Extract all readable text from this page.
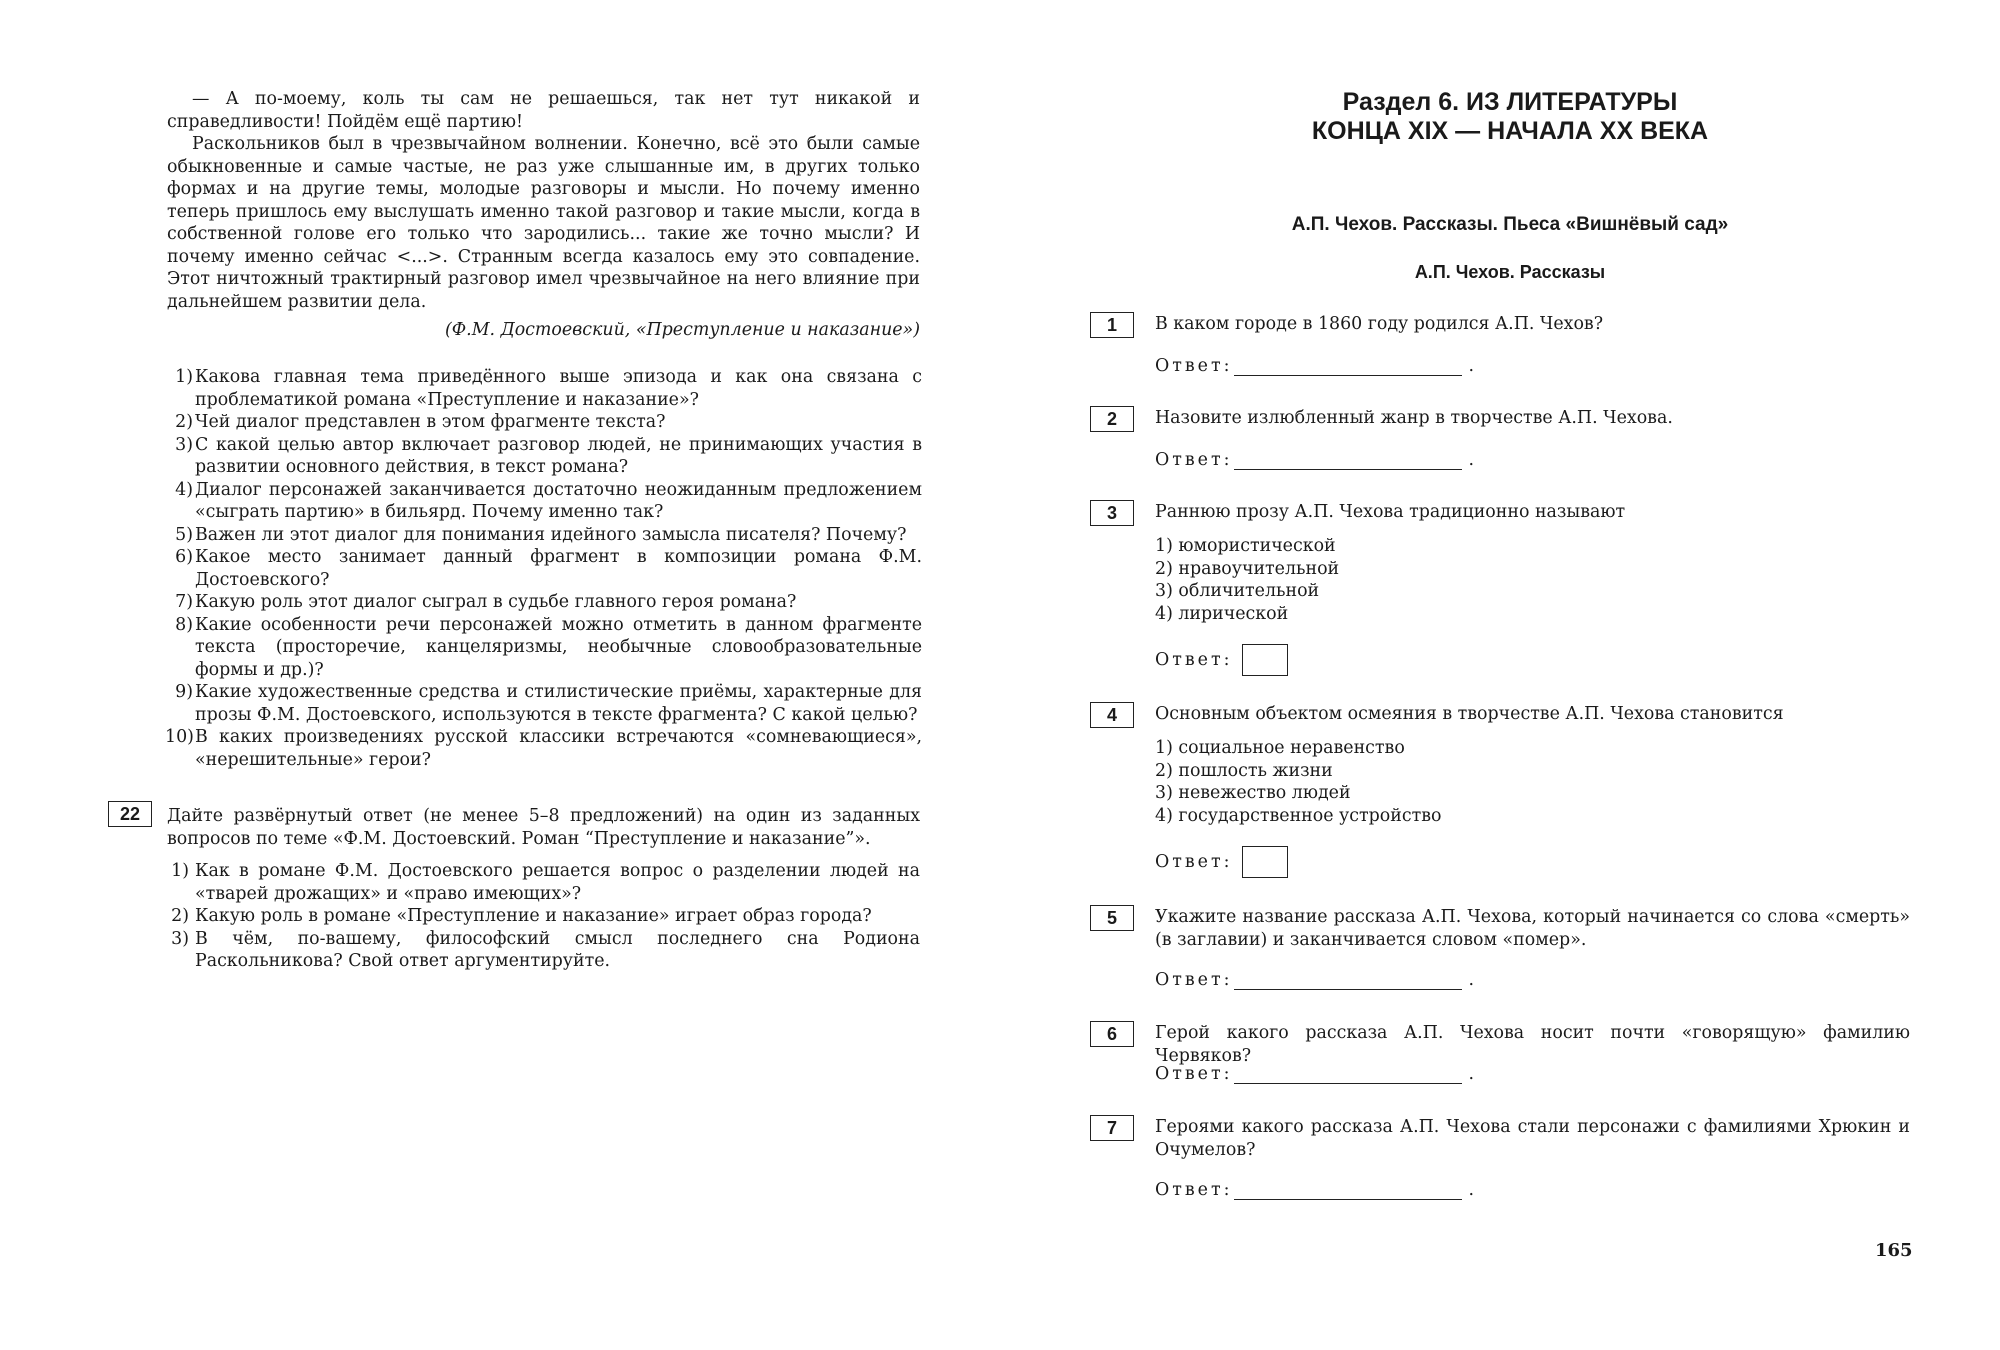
— А по-моему, коль ты сам не решаешься, так нет тут никакой и справедливости! Пойдём ещё партию!

Раскольников был в чрезвычайном волнении. Конечно, всё это были самые обыкновенные и самые частые, не раз уже слышанные им, в других только формах и на другие темы, молодые разговоры и мысли. Но почему именно теперь пришлось ему выслушать именно такой разговор и такие мысли, когда в собственной голове его только что зародились... такие же точно мысли? И почему именно сейчас <...>. Странным всегда казалось ему это совпадение. Этот ничтожный трактирный разговор имел чрезвычайное на него влияние при дальнейшем развитии дела.

(Ф.М. Достоевский, «Преступление и наказание»)
1) Какова главная тема приведённого выше эпизода и как она связана с проблематикой романа «Преступление и наказание»?
2) Чей диалог представлен в этом фрагменте текста?
3) С какой целью автор включает разговор людей, не принимающих участия в развитии основного действия, в текст романа?
4) Диалог персонажей заканчивается достаточно неожиданным предложением «сыграть партию» в бильярд. Почему именно так?
5) Важен ли этот диалог для понимания идейного замысла писателя? Почему?
6) Какое место занимает данный фрагмент в композиции романа Ф.М. Достоевского?
7) Какую роль этот диалог сыграл в судьбе главного героя романа?
8) Какие особенности речи персонажей можно отметить в данном фрагменте текста (просторечие, канцеляризмы, необычные словообразовательные формы и др.)?
9) Какие художественные средства и стилистические приёмы, характерные для прозы Ф.М. Достоевского, используются в тексте фрагмента? С какой целью?
10) В каких произведениях русской классики встречаются «сомневающиеся», «нерешительные» герои?
22	Дайте развёрнутый ответ (не менее 5–8 предложений) на один из заданных вопросов по теме «Ф.М. Достоевский. Роман “Преступление и наказание”».
1) Как в романе Ф.М. Достоевского решается вопрос о разделении людей на «тварей дрожащих» и «право имеющих»?
2) Какую роль в романе «Преступление и наказание» играет образ города?
3) В чём, по-вашему, философский смысл последнего сна Родиона Раскольникова? Свой ответ аргументируйте.
Раздел 6. ИЗ ЛИТЕРАТУРЫ
КОНЦА XIX — НАЧАЛА XX ВЕКА
А.П. Чехов. Рассказы. Пьеса «Вишнёвый сад»
А.П. Чехов. Рассказы
1	В каком городе в 1860 году родился А.П. Чехов?
Ответ:	.
2	Назовите излюбленный жанр в творчестве А.П. Чехова.
Ответ:	.
3	Раннюю прозу А.П. Чехова традиционно называют
1) юмористической
2) нравоучительной
3) обличительной
4) лирической
Ответ:
4	Основным объектом осмеяния в творчестве А.П. Чехова становится
1) социальное неравенство
2) пошлость жизни
3) невежество людей
4) государственное устройство
Ответ:
5	Укажите название рассказа А.П. Чехова, который начинается со слова «смерть» (в заглавии) и заканчивается словом «помер».
Ответ:	.
6	Герой какого рассказа А.П. Чехова носит почти «говорящую» фамилию Червяков?
Ответ:	.
7	Героями какого рассказа А.П. Чехова стали персонажи с фамилиями Хрюкин и Очумелов?
Ответ:	.
165
